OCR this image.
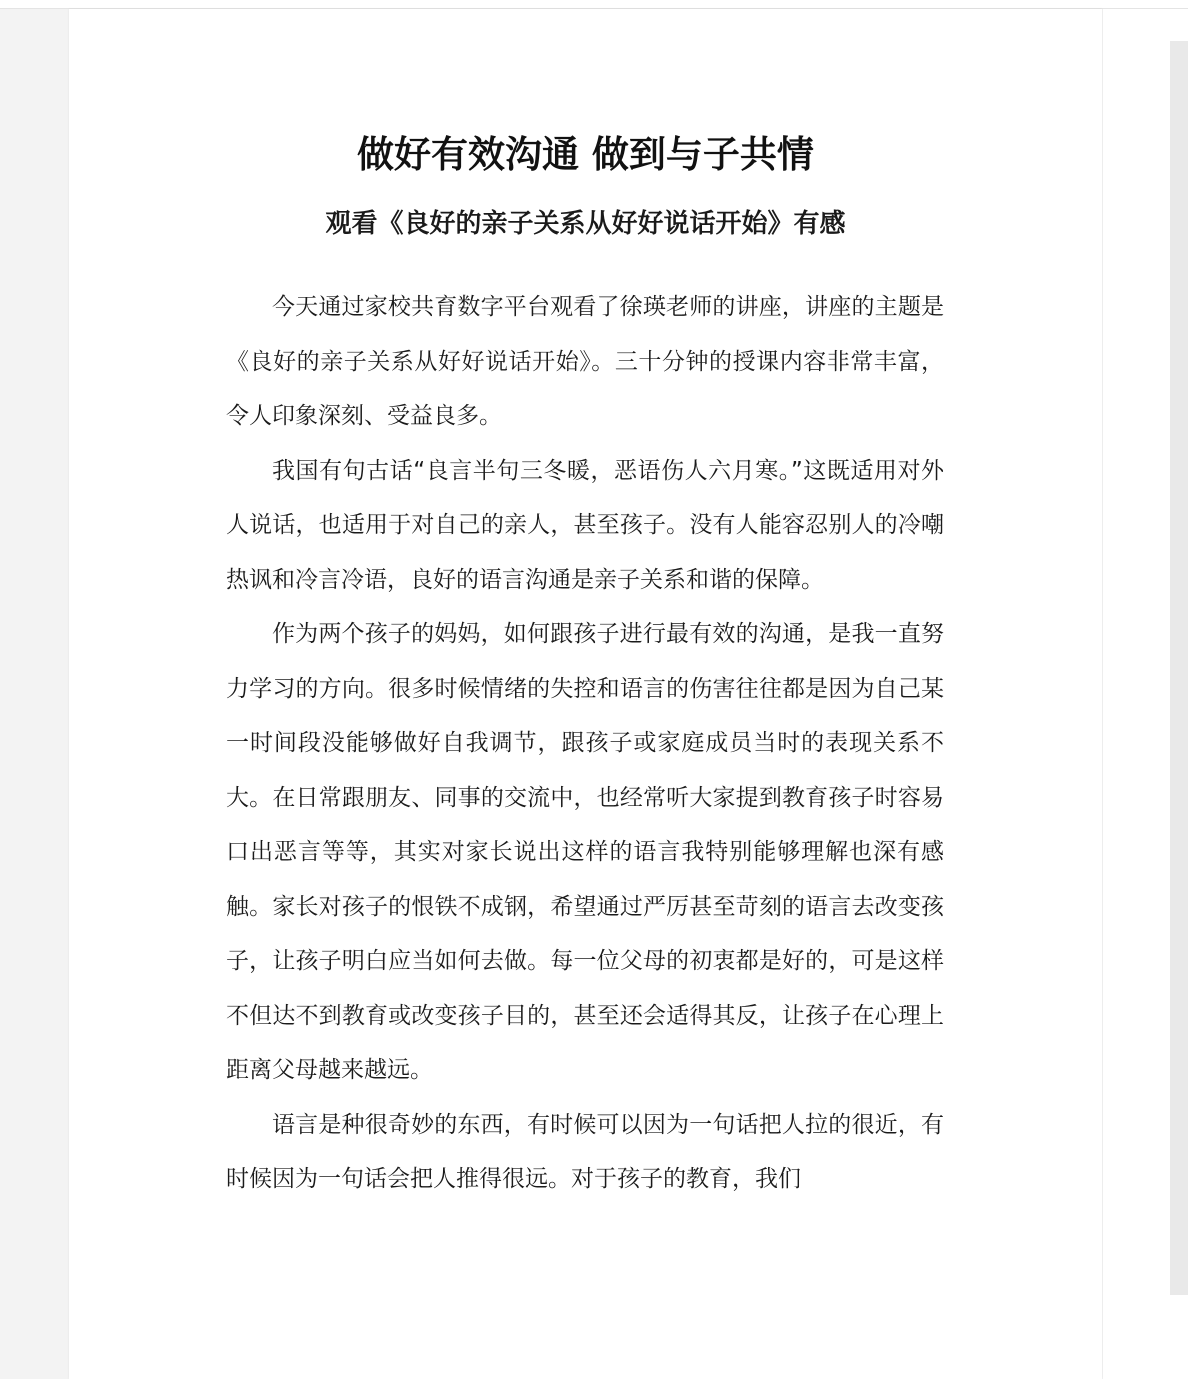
做好有效沟通 做到与子共情
观看《良好的亲子关系从好好说话开始》有感

今天通过家校共育数字平台观看了徐瑛老师的讲座，讲座的主题是《良好的亲子关系从好好说话开始》。三十分钟的授课内容非常丰富，令人印象深刻、受益良多。

我国有句古话“良言半句三冬暖，恶语伤人六月寒。”这既适用对外人说话，也适用于对自己的亲人，甚至孩子。没有人能容忍别人的冷嘲热讽和冷言冷语，良好的语言沟通是亲子关系和谐的保障。

作为两个孩子的妈妈，如何跟孩子进行最有效的沟通，是我一直努力学习的方向。很多时候情绪的失控和语言的伤害往往都是因为自己某一时间段没能够做好自我调节，跟孩子或家庭成员当时的表现关系不大。在日常跟朋友、同事的交流中，也经常听大家提到教育孩子时容易口出恶言等等，其实对家长说出这样的语言我特别能够理解也深有感触。家长对孩子的恨铁不成钢，希望通过严厉甚至苛刻的语言去改变孩子，让孩子明白应当如何去做。每一位父母的初衷都是好的，可是这样不但达不到教育或改变孩子目的，甚至还会适得其反，让孩子在心理上距离父母越来越远。

语言是种很奇妙的东西，有时候可以因为一句话把人拉的很近，有时候因为一句话会把人推得很远。对于孩子的教育，我们
